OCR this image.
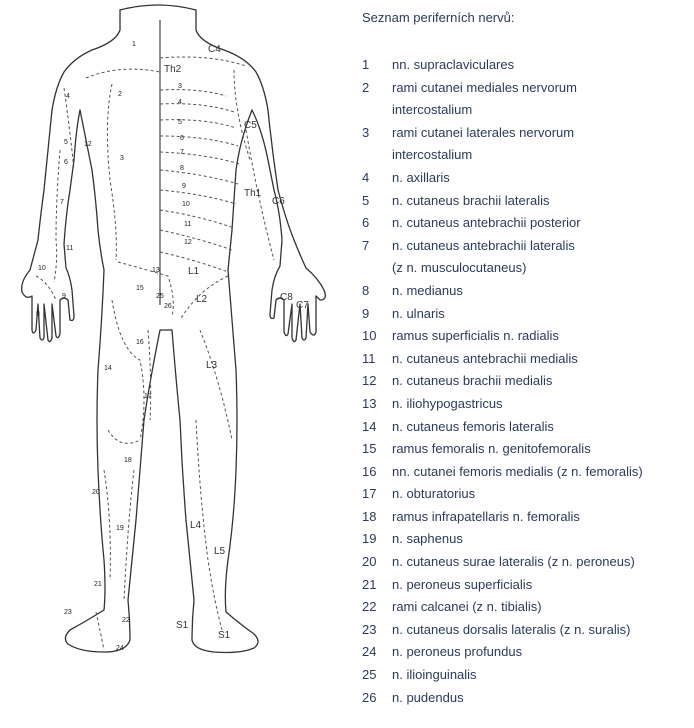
C4
Th2
C5
Th1
C6
C8
C7
L1
L2
L3
L4
L5
S1
S1
3
4
5
6
7
8
9
10
11
12
1
2
3
4
5
6
7
8
9
10
11
12
13
14
15
16
17
18
19
20
21
22
23
24
25
26
Seznam periferních nervů:
1	nn. supraclaviculares
2	rami cutanei mediales nervorum
intercostalium
3	rami cutanei laterales nervorum
intercostalium
4	n. axillaris
5	n. cutaneus brachii lateralis
6	n. cutaneus antebrachii posterior
7	n. cutaneus antebrachii lateralis
(z n. musculocutaneus)
8	n. medianus
9	n. ulnaris
10	ramus superficialis n. radialis
11	n. cutaneus antebrachii medialis
12	n. cutaneus brachii medialis
13	n. iliohypogastricus
14	n. cutaneus femoris lateralis
15	ramus femoralis n. genitofemoralis
16	nn. cutanei femoris medialis (z n. femoralis)
17	n. obturatorius
18	ramus infrapatellaris n. femoralis
19	n. saphenus
20	n. cutaneus surae lateralis (z n. peroneus)
21	n. peroneus superficialis
22	rami calcanei (z n. tibialis)
23	n. cutaneus dorsalis lateralis (z n. suralis)
24	n. peroneus profundus
25	n. ilioinguinalis
26	n. pudendus
